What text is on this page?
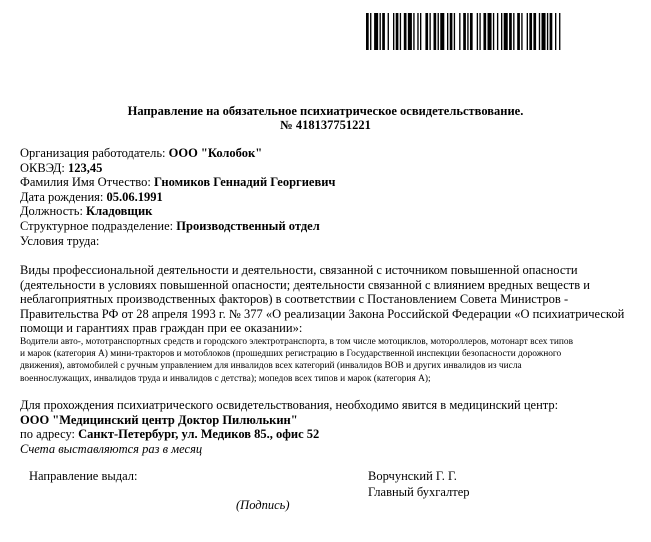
Направление на обязательное психиатрическое освидетельствование.
№ 418137751221
Организация работодатель: ООО "Колобок"
ОКВЭД: 123,45
Фамилия Имя Отчество: Гномиков Геннадий Георгиевич
Дата рождения: 05.06.1991
Должность: Кладовщик
Структурное подразделение: Производственный отдел
Условия труда:
Виды профессиональной деятельности и деятельности, связанной с источником повышенной опасности
(деятельности в условиях повышенной опасности; деятельности связанной с влиянием вредных веществ и
неблагоприятных производственных факторов) в соответствии с Постановлением Совета Министров -
Правительства РФ от 28 апреля 1993 г. № 377 «О реализации Закона Российской Федерации «О психиатрической
помощи и гарантиях прав граждан при ее оказании»:
Водители авто-, мототранспортных средств и городского электротранспорта, в том числе мотоциклов, мотороллеров, мотонарт всех типов
и марок (категория А) мини-тракторов и мотоблоков (прошедших регистрацию в Государственной инспекции безопасности дорожного
движения), автомобилей с ручным управлением для инвалидов всех категорий (инвалидов ВОВ и других инвалидов из числа
военнослужащих, инвалидов труда и инвалидов с детства); мопедов всех типов и марок (категория А);
Для прохождения психиатрического освидетельствования, необходимо явится в медицинский центр:
ООО "Медицинский центр Доктор Пилюлькин"
по адресу: Санкт-Петербург, ул. Медиков 85., офис 52
Счета выставляются раз в месяц
Направление выдал:	Ворчунский Г. Г.
Главный бухгалтер
(Подпись)
